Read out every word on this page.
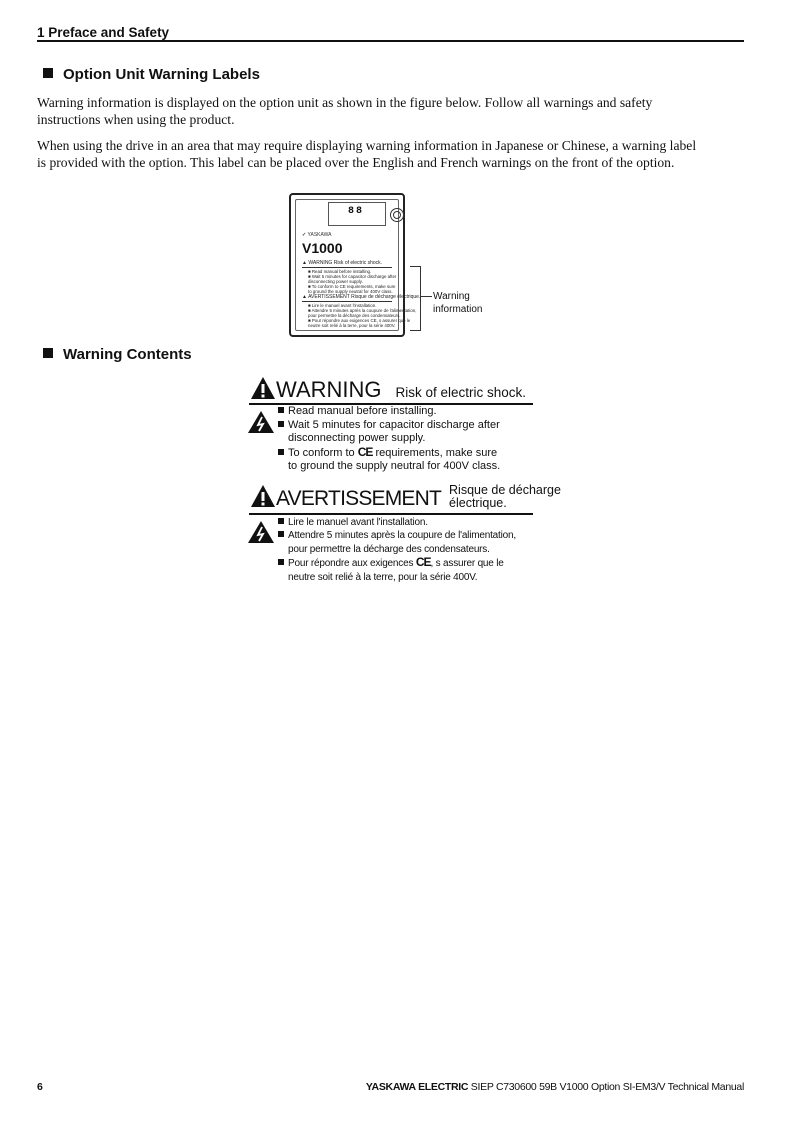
1 Preface and Safety
Option Unit Warning Labels
Warning information is displayed on the option unit as shown in the figure below. Follow all warnings and safety
instructions when using the product.
When using the drive in an area that may require displaying warning information in Japanese or Chinese, a warning label
is provided with the option. This label can be placed over the English and French warnings on the front of the option.
88
✓ YASKAWA
V1000
▲ WARNING Risk of electric shock.
■ Read manual before installing.
■ Wait 5 minutes for capacitor discharge after
disconnecting power supply.
■ To conform to CE requirements, make sure
to ground the supply neutral for 400V class.
▲ AVERTISSEMENT Risque de décharge électrique.
■ Lire le manuel avant l'installation.
■ Attendre 5 minutes après la coupure de l'alimentation,
pour permettre la décharge des condensateurs.
■ Pour répondre aux exigences CE, s assurer que le
neutre soit relié à la terre, pour la série 400V.
Warning
information
Warning Contents
WARNING Risk of electric shock.
Read manual before installing.
Wait 5 minutes for capacitor discharge after
disconnecting power supply.
To conform to CE requirements, make sure
to ground the supply neutral for 400V class.
AVERTISSEMENT Risque de décharge
électrique.
Lire le manuel avant l'installation.
Attendre 5 minutes après la coupure de l'alimentation,
pour permettre la décharge des condensateurs.
Pour répondre aux exigences CE, s assurer que le
neutre soit relié à la terre, pour la série 400V.
6	YASKAWA ELECTRIC SIEP C730600 59B V1000 Option SI-EM3/V Technical Manual
